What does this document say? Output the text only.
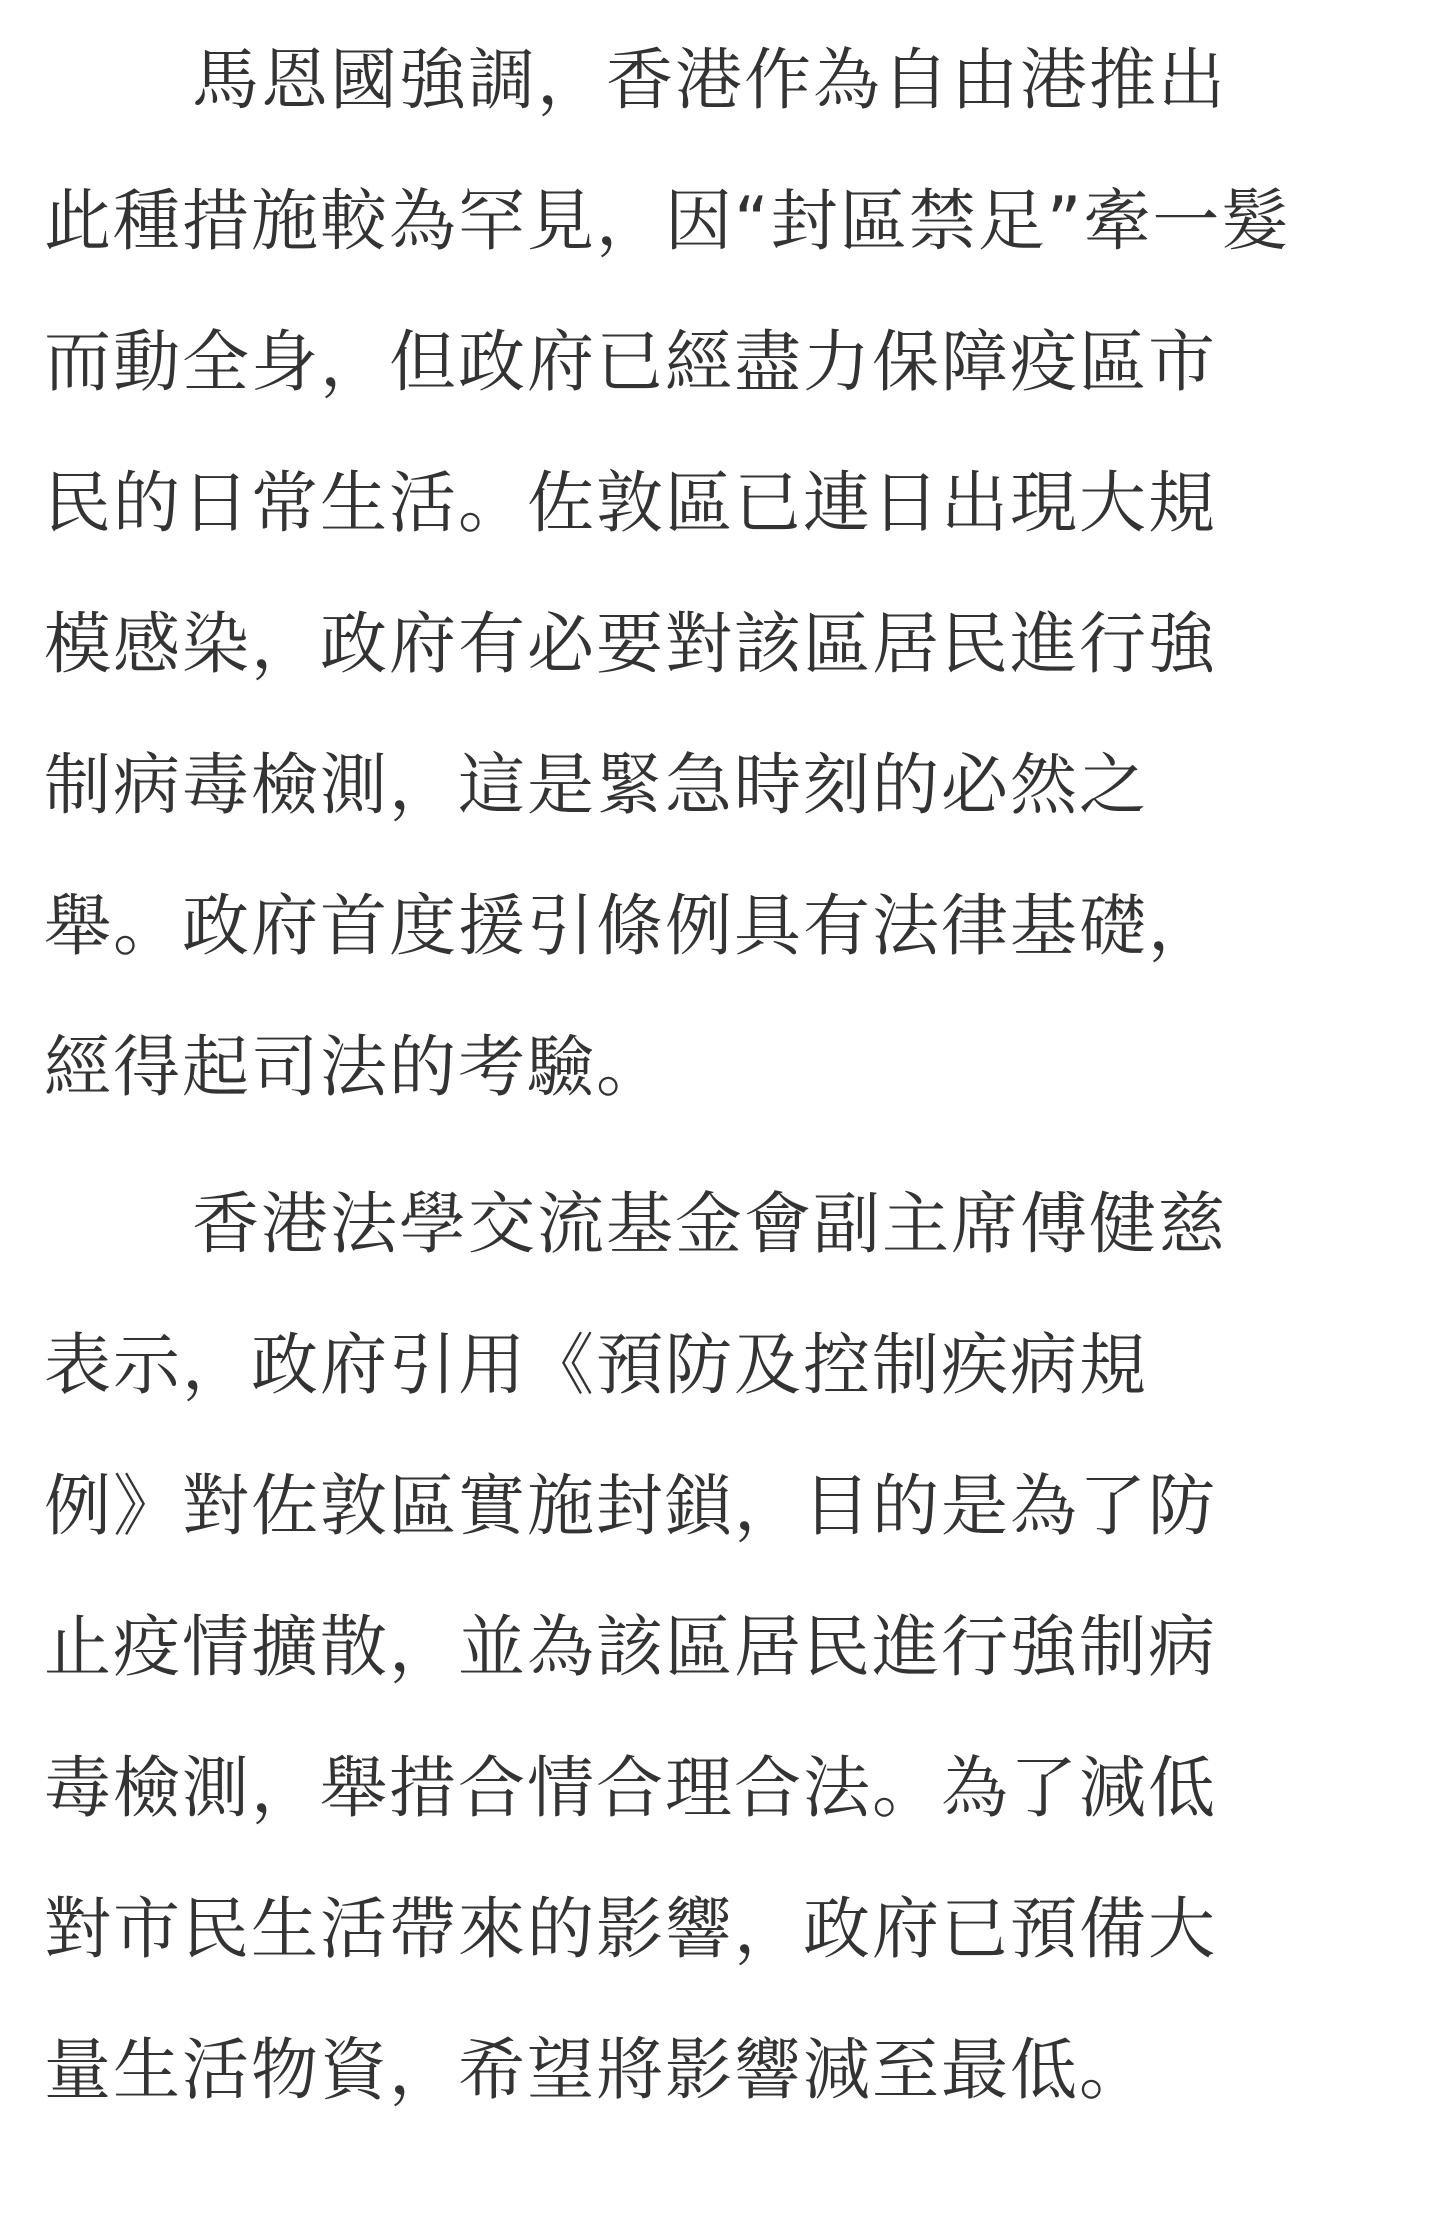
馬恩國強調，香港作為自由港推出
此種措施較為罕見，因“封區禁足”牽一髮
而動全身，但政府已經盡力保障疫區市
民的日常生活。佐敦區已連日出現大規
模感染，政府有必要對該區居民進行強
制病毒檢測，這是緊急時刻的必然之
舉。政府首度援引條例具有法律基礎，
經得起司法的考驗。

香港法學交流基金會副主席傅健慈
表示，政府引用《預防及控制疾病規
例》對佐敦區實施封鎖，目的是為了防
止疫情擴散，並為該區居民進行強制病
毒檢測，舉措合情合理合法。為了減低
對市民生活帶來的影響，政府已預備大
量生活物資，希望將影響減至最低。
